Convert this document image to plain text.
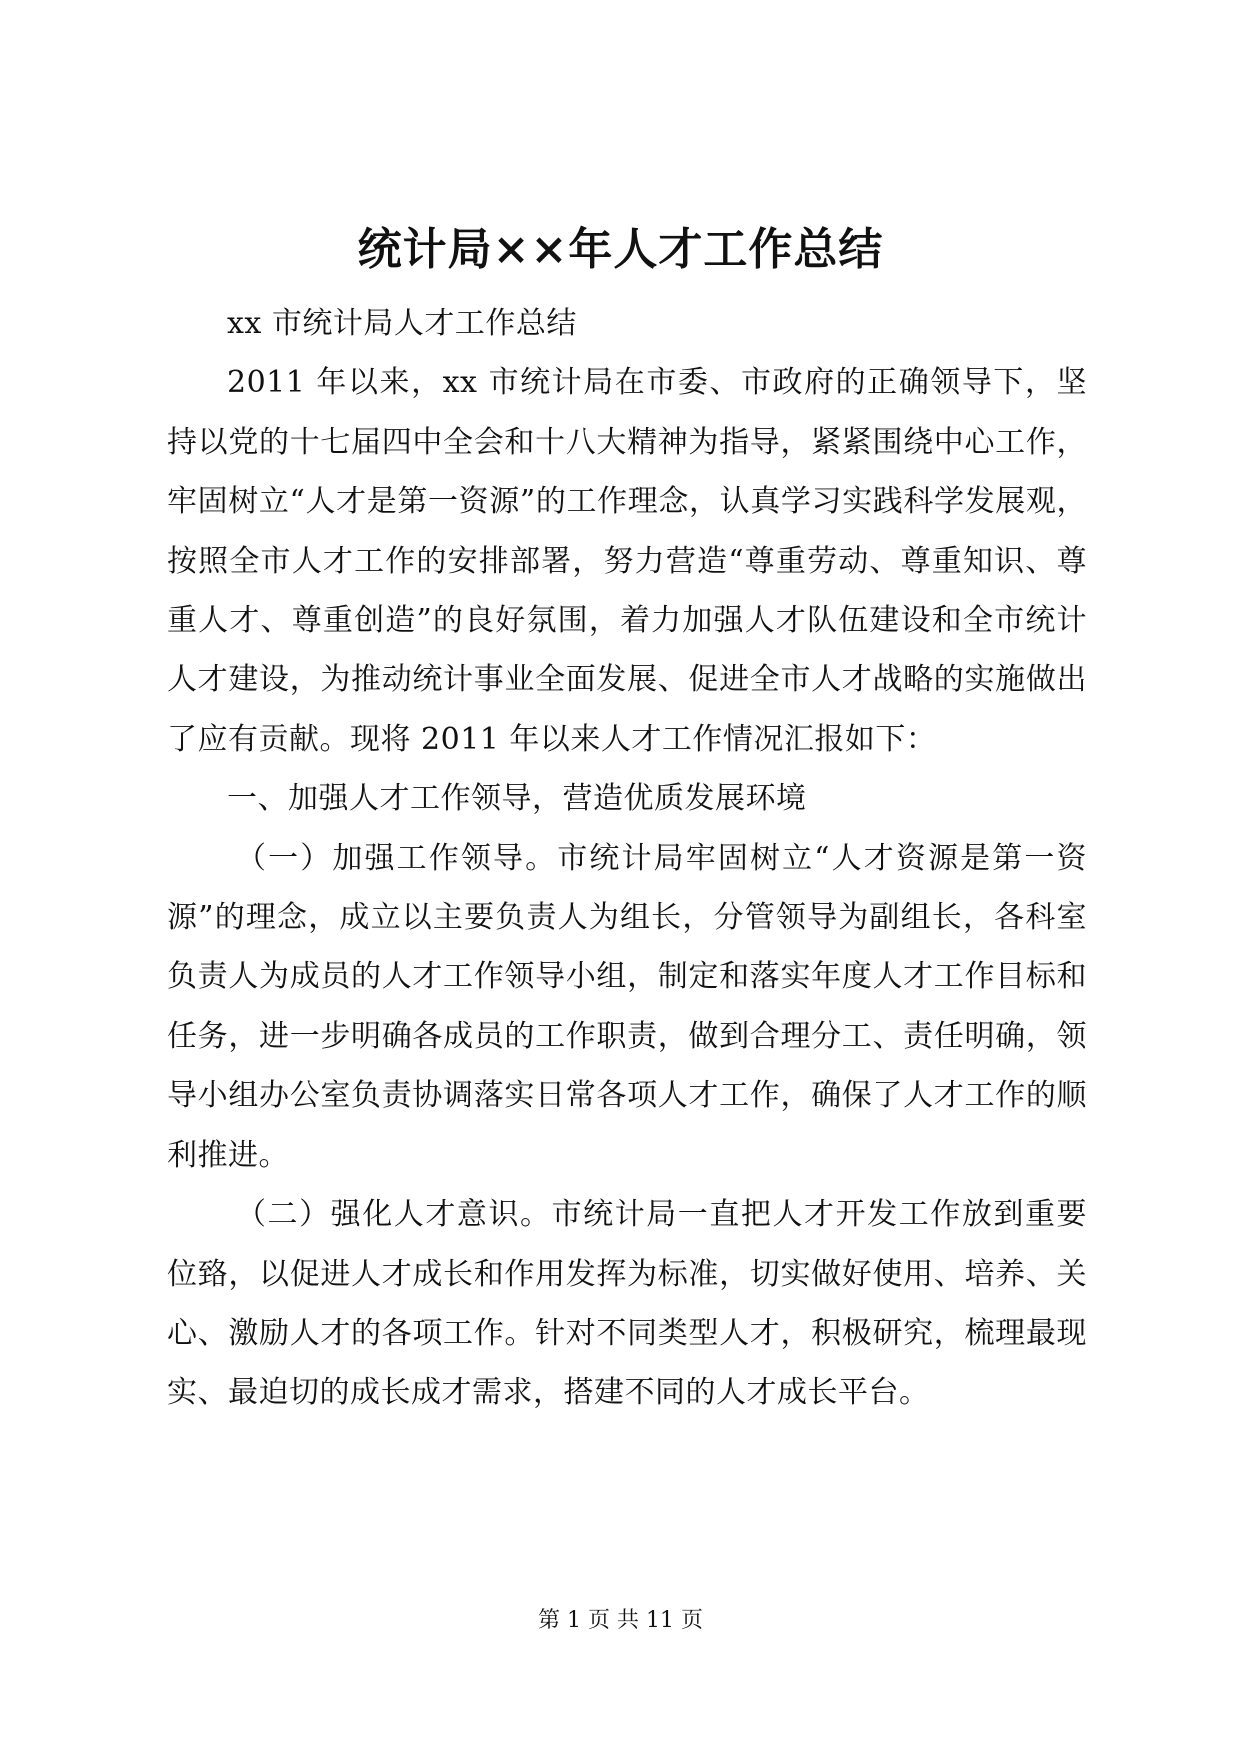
统计局××年人才工作总结

xx 市统计局人才工作总结

2011 年以来，xx 市统计局在市委、市政府的正确领导下，坚持以党的十七届四中全会和十八大精神为指导，紧紧围绕中心工作，牢固树立“人才是第一资源”的工作理念，认真学习实践科学发展观，按照全市人才工作的安排部署，努力营造“尊重劳动、尊重知识、尊重人才、尊重创造”的良好氛围，着力加强人才队伍建设和全市统计人才建设，为推动统计事业全面发展、促进全市人才战略的实施做出了应有贡献。现将 2011 年以来人才工作情况汇报如下：

一、加强人才工作领导，营造优质发展环境

（一）加强工作领导。市统计局牢固树立“人才资源是第一资源”的理念，成立以主要负责人为组长，分管领导为副组长，各科室负责人为成员的人才工作领导小组，制定和落实年度人才工作目标和任务，进一步明确各成员的工作职责，做到合理分工、责任明确，领导小组办公室负责协调落实日常各项人才工作，确保了人才工作的顺利推进。

（二）强化人才意识。市统计局一直把人才开发工作放到重要位臵，以促进人才成长和作用发挥为标准，切实做好使用、培养、关心、激励人才的各项工作。针对不同类型人才，积极研究，梳理最现实、最迫切的成长成才需求，搭建不同的人才成长平台。

第 1 页 共 11 页
